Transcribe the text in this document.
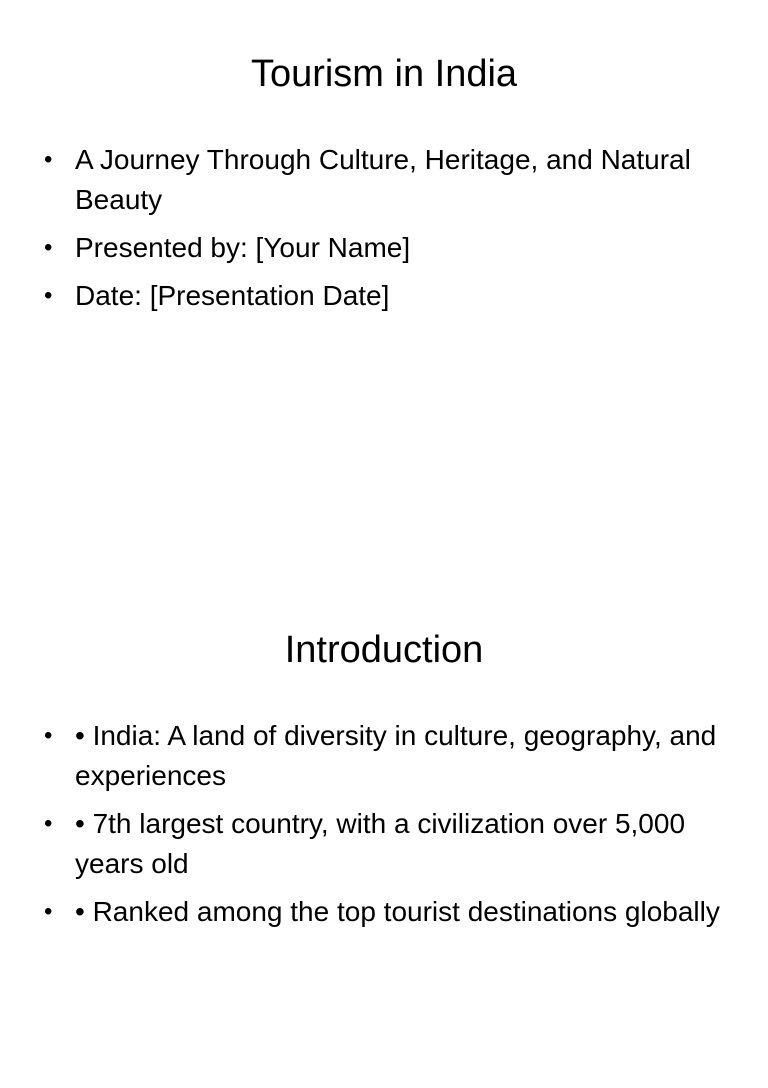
Tourism in India
• A Journey Through Culture, Heritage, and Natural Beauty
• Presented by: [Your Name]
• Date: [Presentation Date]
Introduction
• • India: A land of diversity in culture, geography, and experiences
• • 7th largest country, with a civilization over 5,000 years old
• • Ranked among the top tourist destinations globally
